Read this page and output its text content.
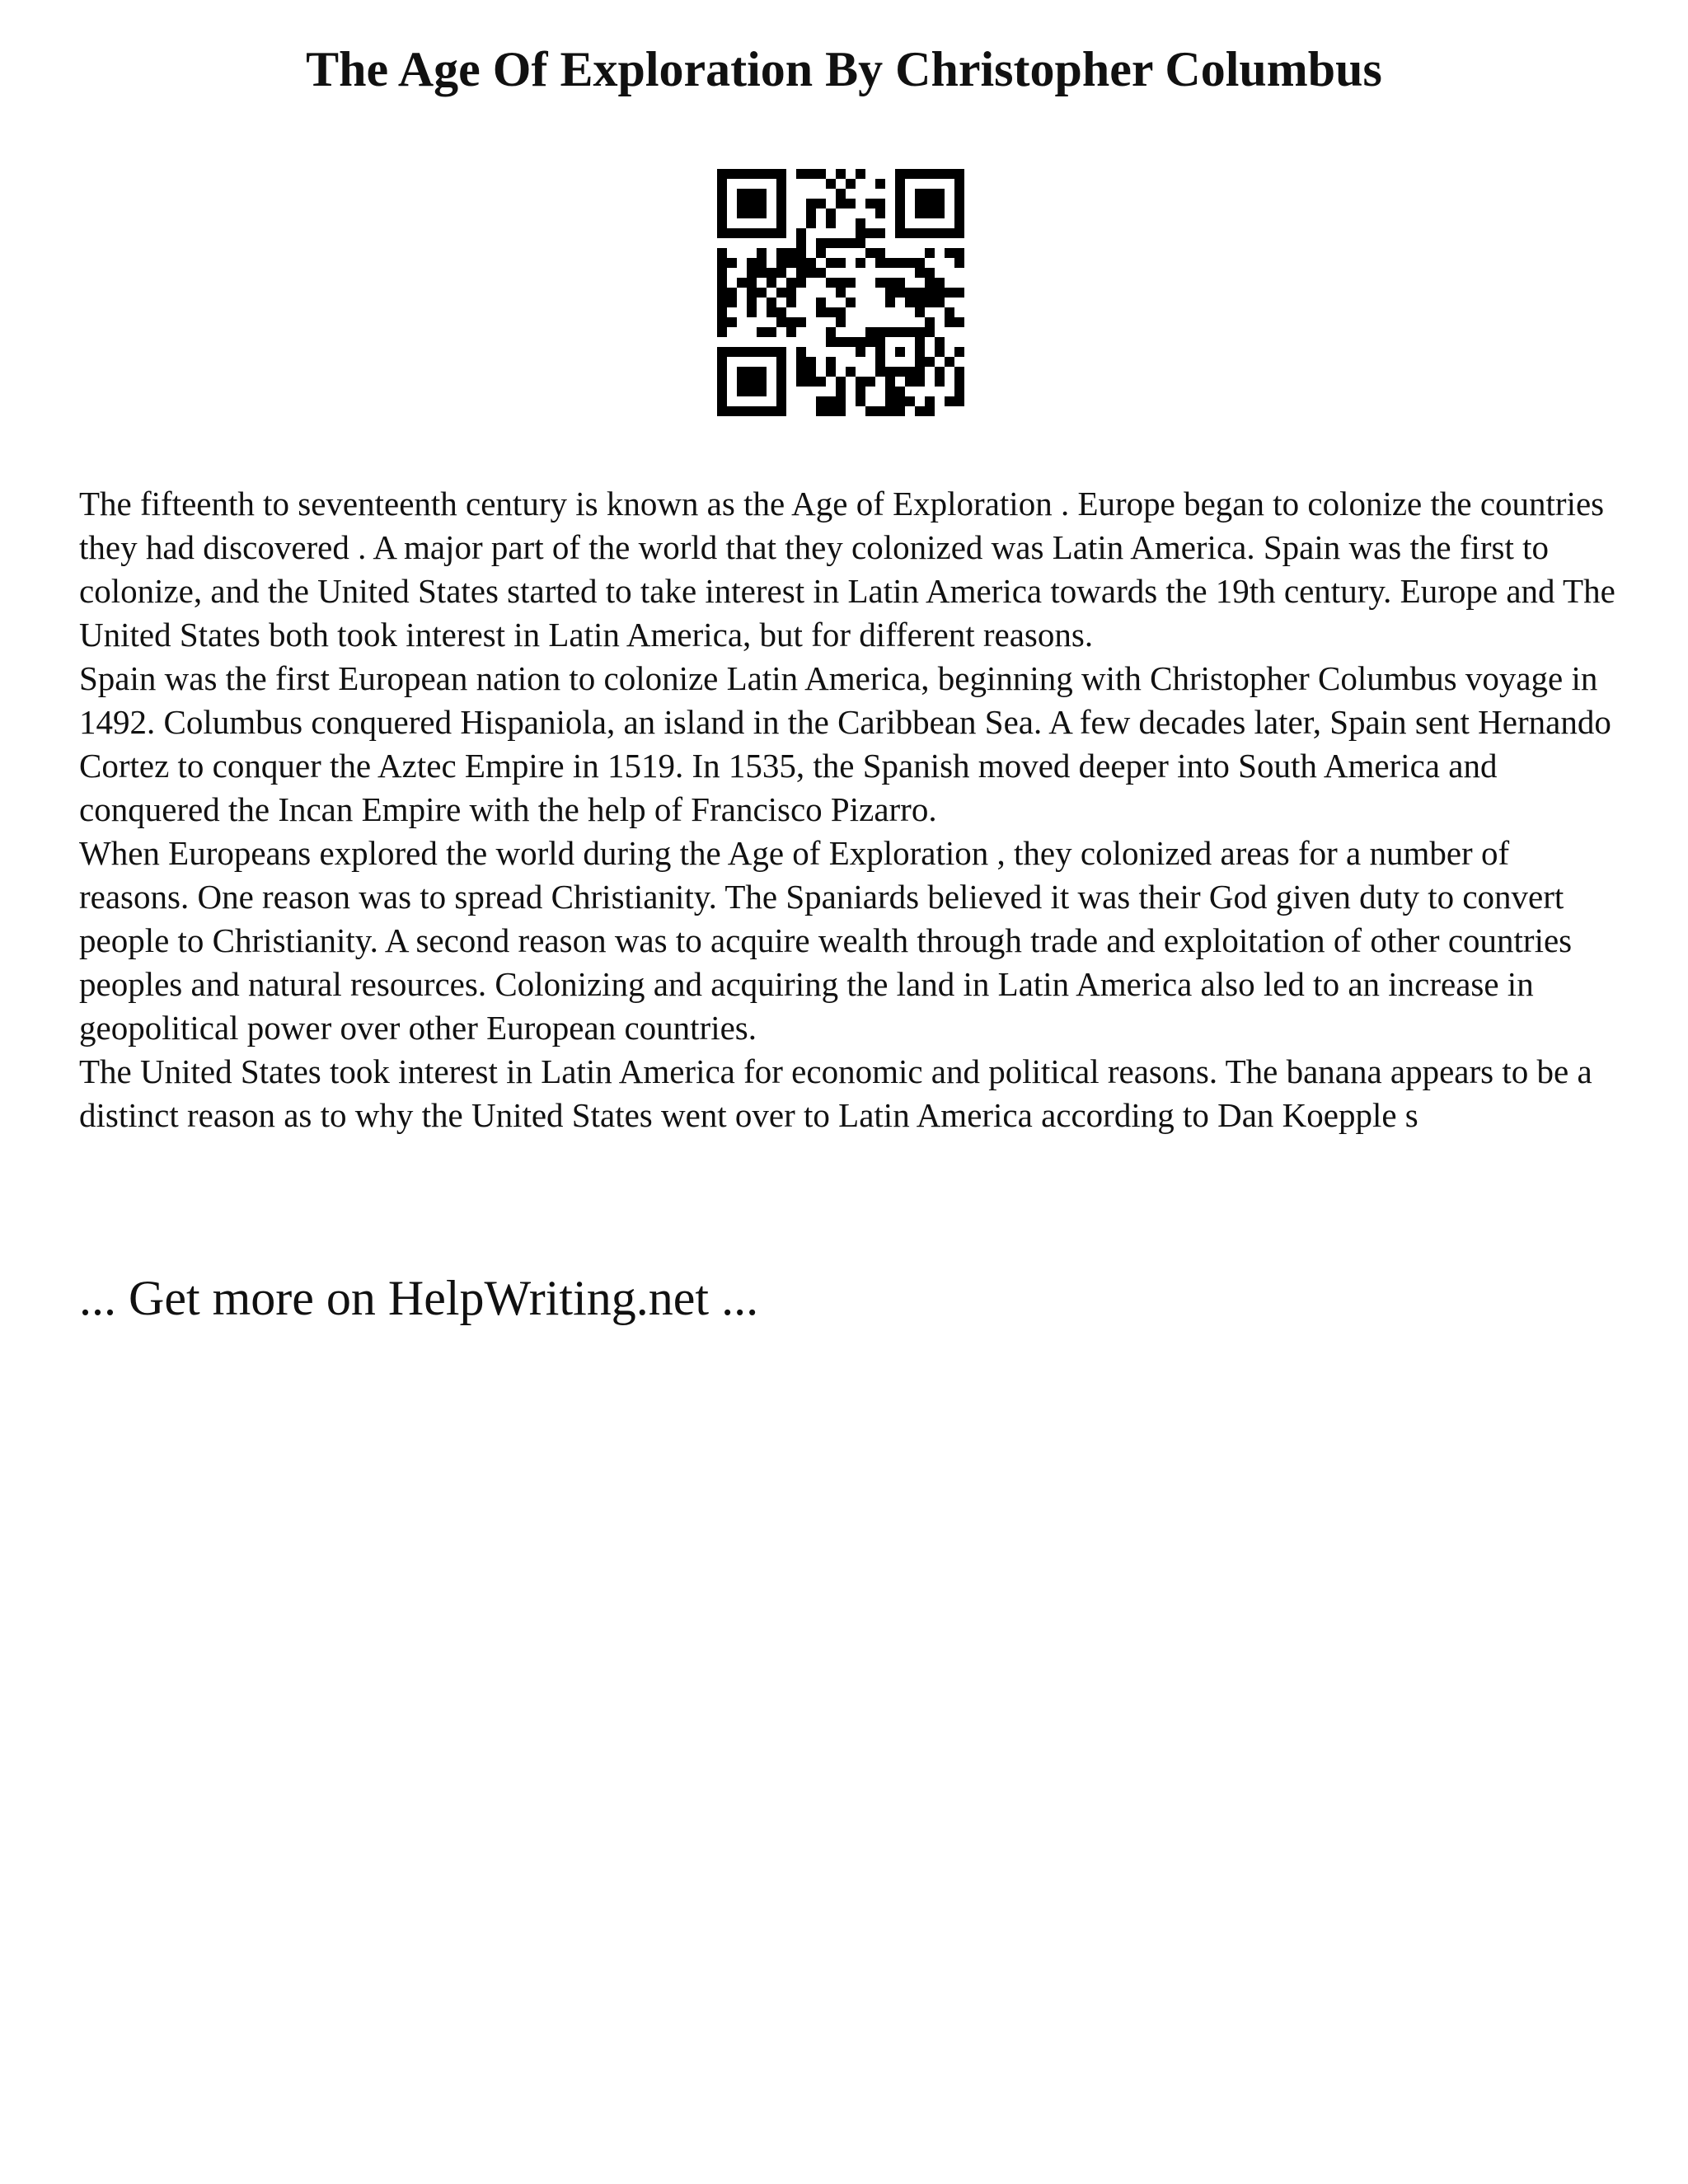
The Age Of Exploration By Christopher Columbus

The fifteenth to seventeenth century is known as the Age of Exploration . Europe began to colonize the countries they had discovered . A major part of the world that they colonized was Latin America. Spain was the first to colonize, and the United States started to take interest in Latin America towards the 19th century. Europe and The United States both took interest in Latin America, but for different reasons.

Spain was the first European nation to colonize Latin America, beginning with Christopher Columbus voyage in 1492. Columbus conquered Hispaniola, an island in the Caribbean Sea. A few decades later, Spain sent Hernando Cortez to conquer the Aztec Empire in 1519. In 1535, the Spanish moved deeper into South America and conquered the Incan Empire with the help of Francisco Pizarro.

When Europeans explored the world during the Age of Exploration , they colonized areas for a number of reasons. One reason was to spread Christianity. The Spaniards believed it was their God given duty to convert people to Christianity. A second reason was to acquire wealth through trade and exploitation of other countries peoples and natural resources. Colonizing and acquiring the land in Latin America also led to an increase in geopolitical power over other European countries.

The United States took interest in Latin America for economic and political reasons. The banana appears to be a distinct reason as to why the United States went over to Latin America according to Dan Koepple s

... Get more on HelpWriting.net ...
